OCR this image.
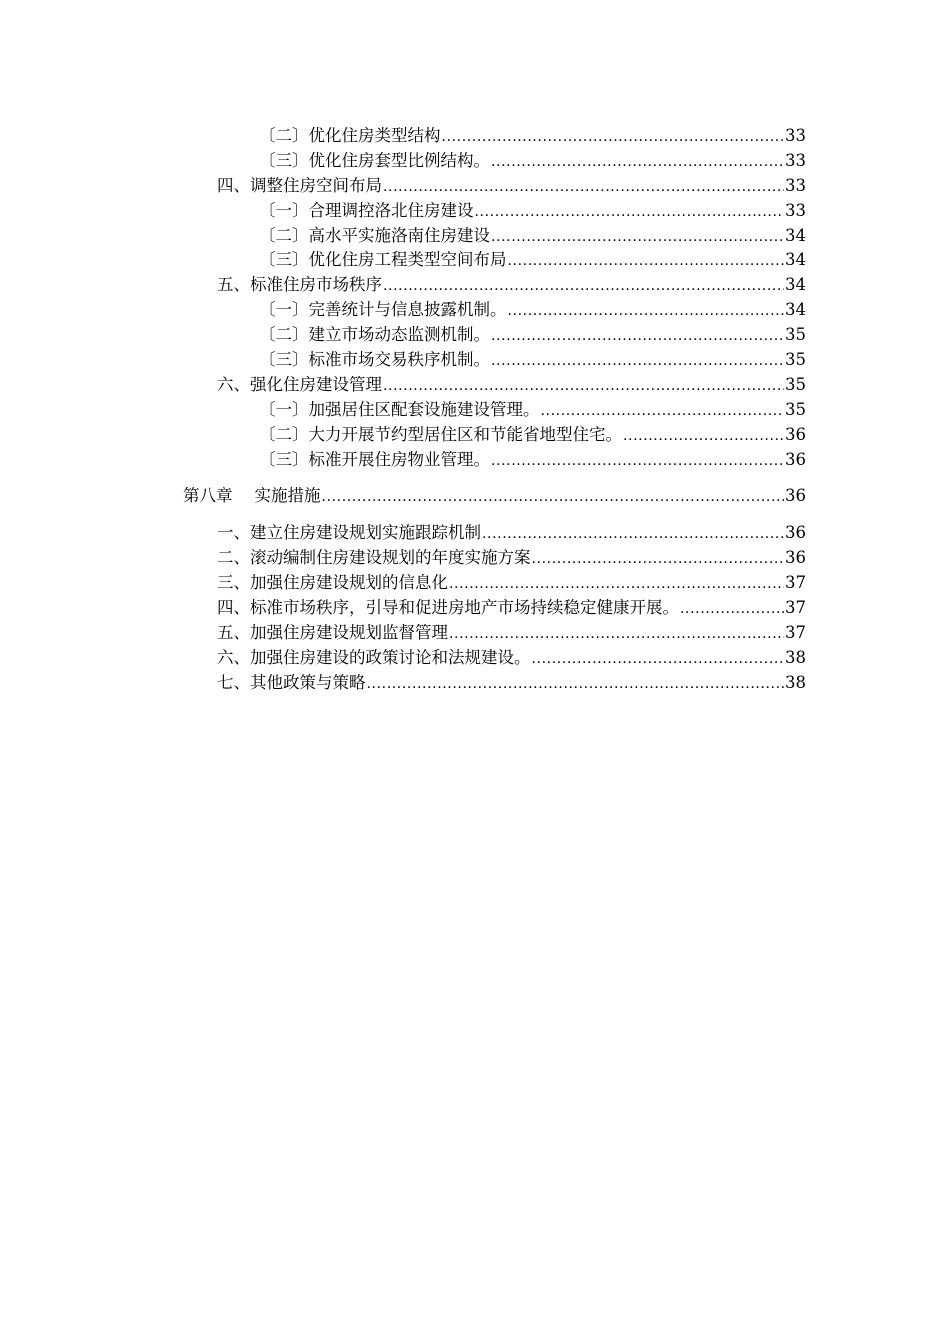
〔二〕 优化住房类型结构 .....	33
〔三〕 优化住房套型比例结构。 .....	33
四、 调整住房空间布局 .....	33
〔一〕 合理调控洛北住房建设 .....	33
〔二〕 高水平实施洛南住房建设 .....	34
〔三〕 优化住房工程类型空间布局 .....	34
五、 标准住房市场秩序 .....	34
〔一〕 完善统计与信息披露机制。 .....	34
〔二〕 建立市场动态监测机制。 .....	35
〔三〕 标准市场交易秩序机制。 .....	35
六、 强化住房建设管理 .....	35
〔一〕 加强居住区配套设施建设管理。 .....	35
〔二〕 大力开展节约型居住区和节能省地型住宅。 .....	36
〔三〕 标准开展住房物业管理。 .....	36
第八章 实施措施 .....	36
一、 建立住房建设规划实施跟踪机制 .....	36
二、 滚动编制住房建设规划的年度实施方案 .....	36
三、 加强住房建设规划的信息化 .....	37
四、 标准市场秩序，引导和促进房地产市场持续稳定健康开展。 .....	37
五、 加强住房建设规划监督管理 .....	37
六、 加强住房建设的政策讨论和法规建设。 .....	38
七、 其他政策与策略 .....	38
